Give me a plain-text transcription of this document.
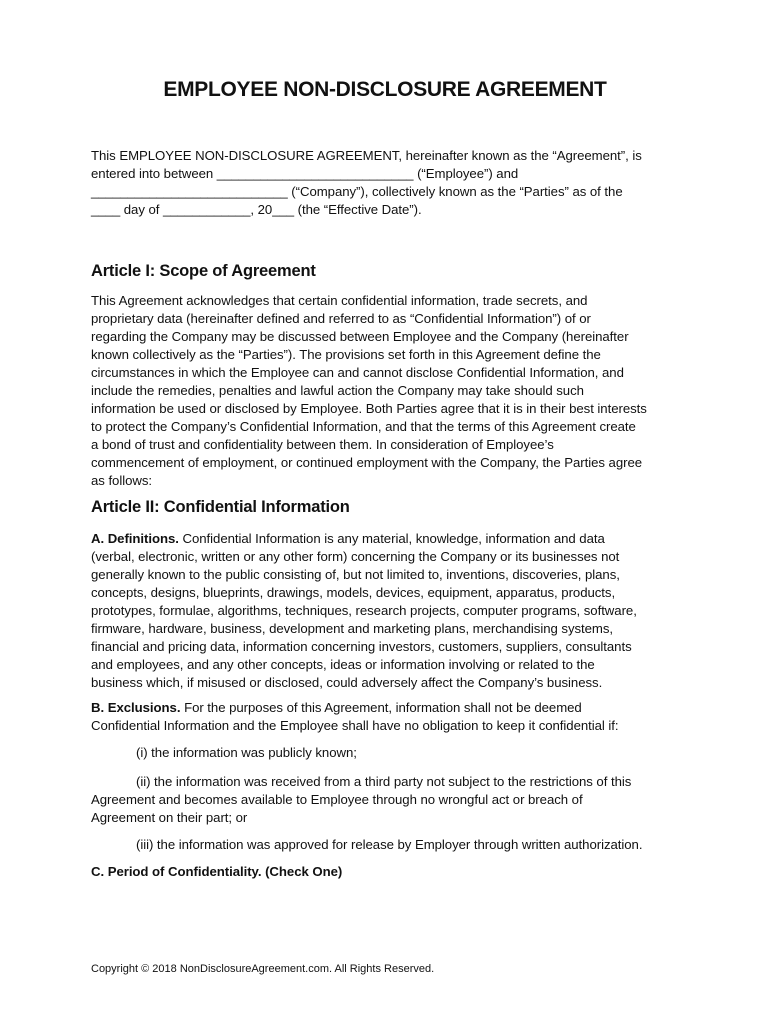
EMPLOYEE NON-DISCLOSURE AGREEMENT
This EMPLOYEE NON-DISCLOSURE AGREEMENT, hereinafter known as the “Agreement”, is
entered into between ___________________________ (“Employee”) and
___________________________ (“Company”), collectively known as the “Parties” as of the
____ day of ____________, 20___ (the “Effective Date”).
Article I: Scope of Agreement
This Agreement acknowledges that certain confidential information, trade secrets, and
proprietary data (hereinafter defined and referred to as “Confidential Information”) of or
regarding the Company may be discussed between Employee and the Company (hereinafter
known collectively as the “Parties”). The provisions set forth in this Agreement define the
circumstances in which the Employee can and cannot disclose Confidential Information, and
include the remedies, penalties and lawful action the Company may take should such
information be used or disclosed by Employee. Both Parties agree that it is in their best interests
to protect the Company’s Confidential Information, and that the terms of this Agreement create
a bond of trust and confidentiality between them. In consideration of Employee’s
commencement of employment, or continued employment with the Company, the Parties agree
as follows:
Article II: Confidential Information
A. Definitions. Confidential Information is any material, knowledge, information and data
(verbal, electronic, written or any other form) concerning the Company or its businesses not
generally known to the public consisting of, but not limited to, inventions, discoveries, plans,
concepts, designs, blueprints, drawings, models, devices, equipment, apparatus, products,
prototypes, formulae, algorithms, techniques, research projects, computer programs, software,
firmware, hardware, business, development and marketing plans, merchandising systems,
financial and pricing data, information concerning investors, customers, suppliers, consultants
and employees, and any other concepts, ideas or information involving or related to the
business which, if misused or disclosed, could adversely affect the Company’s business.
B. Exclusions. For the purposes of this Agreement, information shall not be deemed
Confidential Information and the Employee shall have no obligation to keep it confidential if:
(i) the information was publicly known;
(ii) the information was received from a third party not subject to the restrictions of this
Agreement and becomes available to Employee through no wrongful act or breach of
Agreement on their part; or
(iii) the information was approved for release by Employer through written authorization.
C. Period of Confidentiality. (Check One)

Copyright © 2018 NonDisclosureAgreement.com. All Rights Reserved.
